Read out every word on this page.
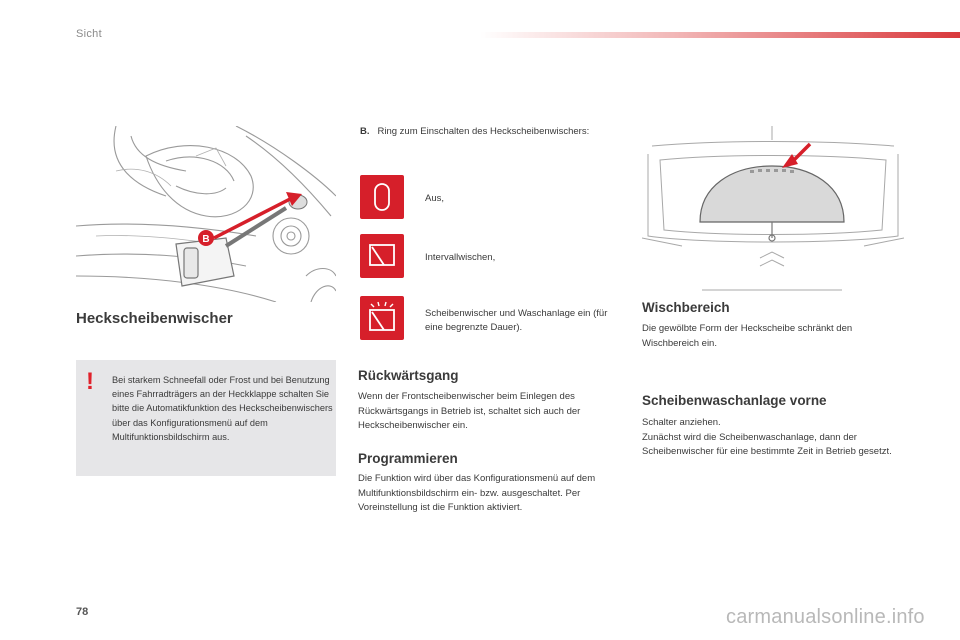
Sicht
B
Heckscheibenwischer
! Bei starkem Schneefall oder Frost und bei Benutzung eines Fahrradträgers an der Heckklappe schalten Sie bitte die Automatikfunktion des Heckscheibenwischers über das Konfigurationsmenü auf dem Multifunktionsbildschirm aus.
B. Ring zum Einschalten des Heckscheibenwischers:
Aus,
Intervallwischen,
Scheibenwischer und Waschanlage ein (für eine begrenzte Dauer).
Rückwärtsgang
Wenn der Frontscheibenwischer beim Einlegen des Rückwärtsgangs in Betrieb ist, schaltet sich auch der Heckscheibenwischer ein.
Programmieren
Die Funktion wird über das Konfigurationsmenü auf dem Multifunktionsbildschirm ein- bzw. ausgeschaltet. Per Voreinstellung ist die Funktion aktiviert.
Wischbereich
Die gewölbte Form der Heckscheibe schränkt den Wischbereich ein.
Scheibenwaschanlage vorne
Schalter anziehen.
Zunächst wird die Scheibenwaschanlage, dann der Scheibenwischer für eine bestimmte Zeit in Betrieb gesetzt.
78	carmanualsonline.info
